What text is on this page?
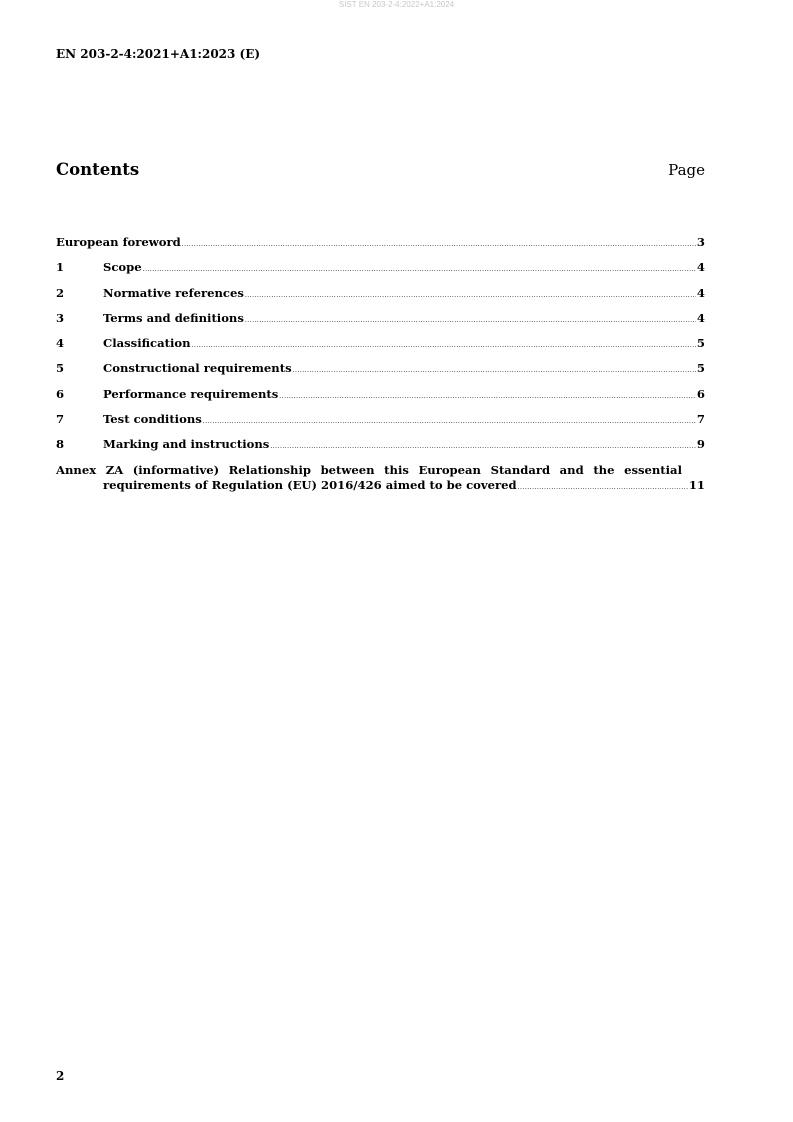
SIST EN 203-2-4:2022+A1:2024
EN 203-2-4:2021+A1:2023 (E)
Contents	Page
European foreword .....	3
1	Scope .....	4
2	Normative references .....	4
3	Terms and definitions .....	4
4	Classification .....	5
5	Constructional requirements .....	5
6	Performance requirements .....	6
7	Test conditions .....	7
8	Marking and instructions .....	9
Annex ZA (informative) Relationship between this European Standard and the essential
requirements of Regulation (EU) 2016/426 aimed to be covered .....	11
2
